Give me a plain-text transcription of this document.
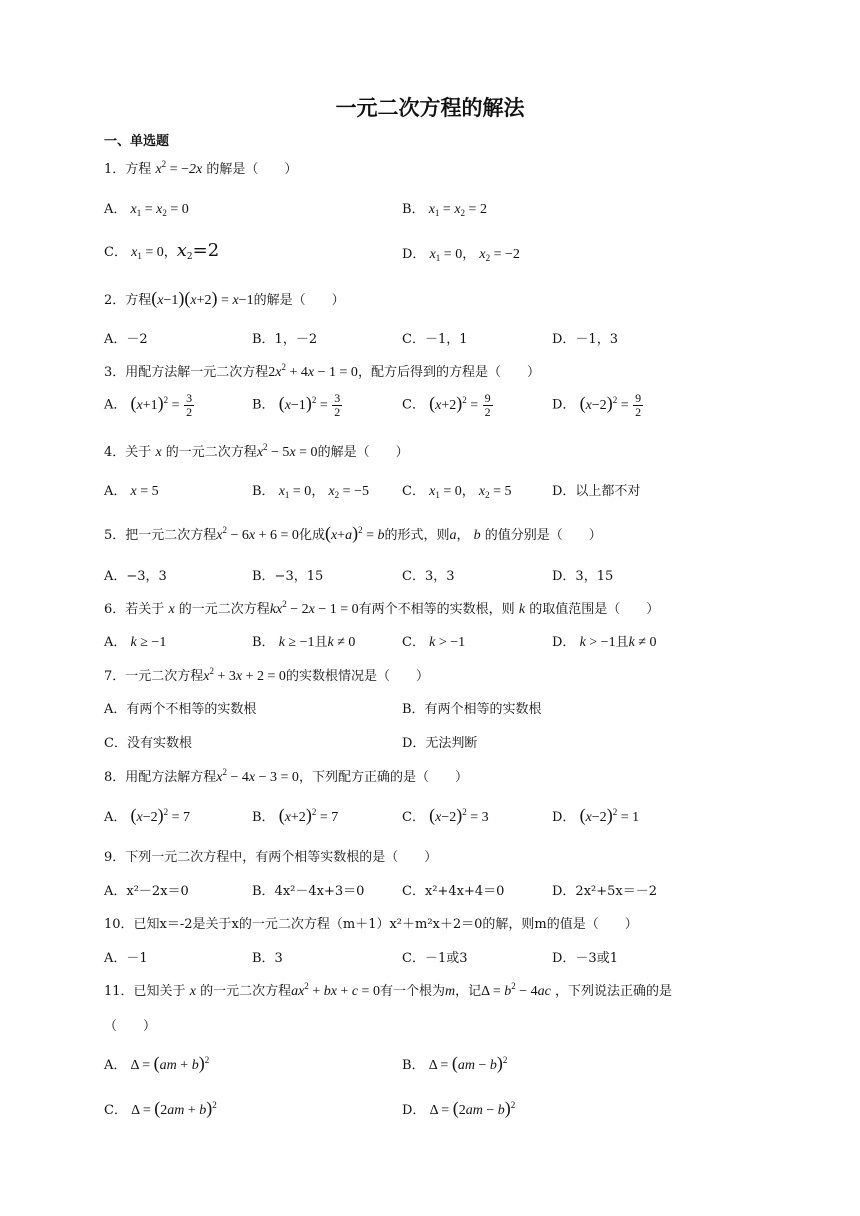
一元二次方程的解法
一、单选题
1．方程 $x^2 = -2x$ 的解是（　　）
A． $x_1 = x_2 = 0$	B． $x_1 = x_2 = 2$
C． $x_1 = 0$，$x_2=2$	D． $x_1 = 0$， $x_2 = -2$
2．方程(x−1)(x+2) = x−1的解是（　　）
A．－2	B．1，－2	C．－1，1	D．－1，3
3．用配方法解一元二次方程$2x^2 + 4x - 1 = 0$，配方后得到的方程是（　　）
A． $(x+1)^2 = \frac{3}{2}$	B． $(x-1)^2 = \frac{3}{2}$	C． $(x+2)^2 = \frac{9}{2}$	D． $(x-2)^2 = \frac{9}{2}$
4．关于 x 的一元二次方程$x^2 - 5x = 0$的解是（　　）
A． x = 5	B． $x_1 = 0$， $x_2 = -5$	C． $x_1 = 0$， $x_2 = 5$	D．以上都不对
5．把一元二次方程$x^2 - 6x + 6 = 0$化成$(x+a)^2 = b$的形式，则a， b 的值分别是（　　）
A．−3，3	B．−3，15	C．3，3	D．3，15
6．若关于 x 的一元二次方程$kx^2 - 2x - 1 = 0$有两个不相等的实数根，则 k 的取值范围是（　　）
A． k ≥ −1	B． k ≥ −1且k ≠ 0	C． k > −1	D． k > −1且k ≠ 0
7．一元二次方程$x^2 + 3x + 2 = 0$的实数根情况是（　　）
A．有两个不相等的实数根	B．有两个相等的实数根
C．没有实数根	D．无法判断
8．用配方法解方程$x^2 - 4x - 3 = 0$，下列配方正确的是（　　）
A． $(x-2)^2 = 7$	B． $(x+2)^2 = 7$	C． $(x-2)^2 = 3$	D． $(x-2)^2 = 1$
9．下列一元二次方程中，有两个相等实数根的是（　　）
A．x²－2x＝0	B．4x²－4x+3＝0	C．x²+4x+4＝0	D．2x²+5x＝－2
10．已知x＝-2是关于x的一元二次方程（m＋1）x²＋m²x＋2＝0的解，则m的值是（　　）
A．－1	B．3	C．－1或3	D．－3或1
11．已知关于 x 的一元二次方程$ax^2$ + bx + c = 0有一个根为m，记$\Delta = b^2 - 4ac$ ，下列说法正确的是
（　　）
A． Δ = (am + b)$^2$	B． Δ = (am − b)$^2$
C． $\Delta = (2am + b)^2$	D． $\Delta = (2am - b)^2$
